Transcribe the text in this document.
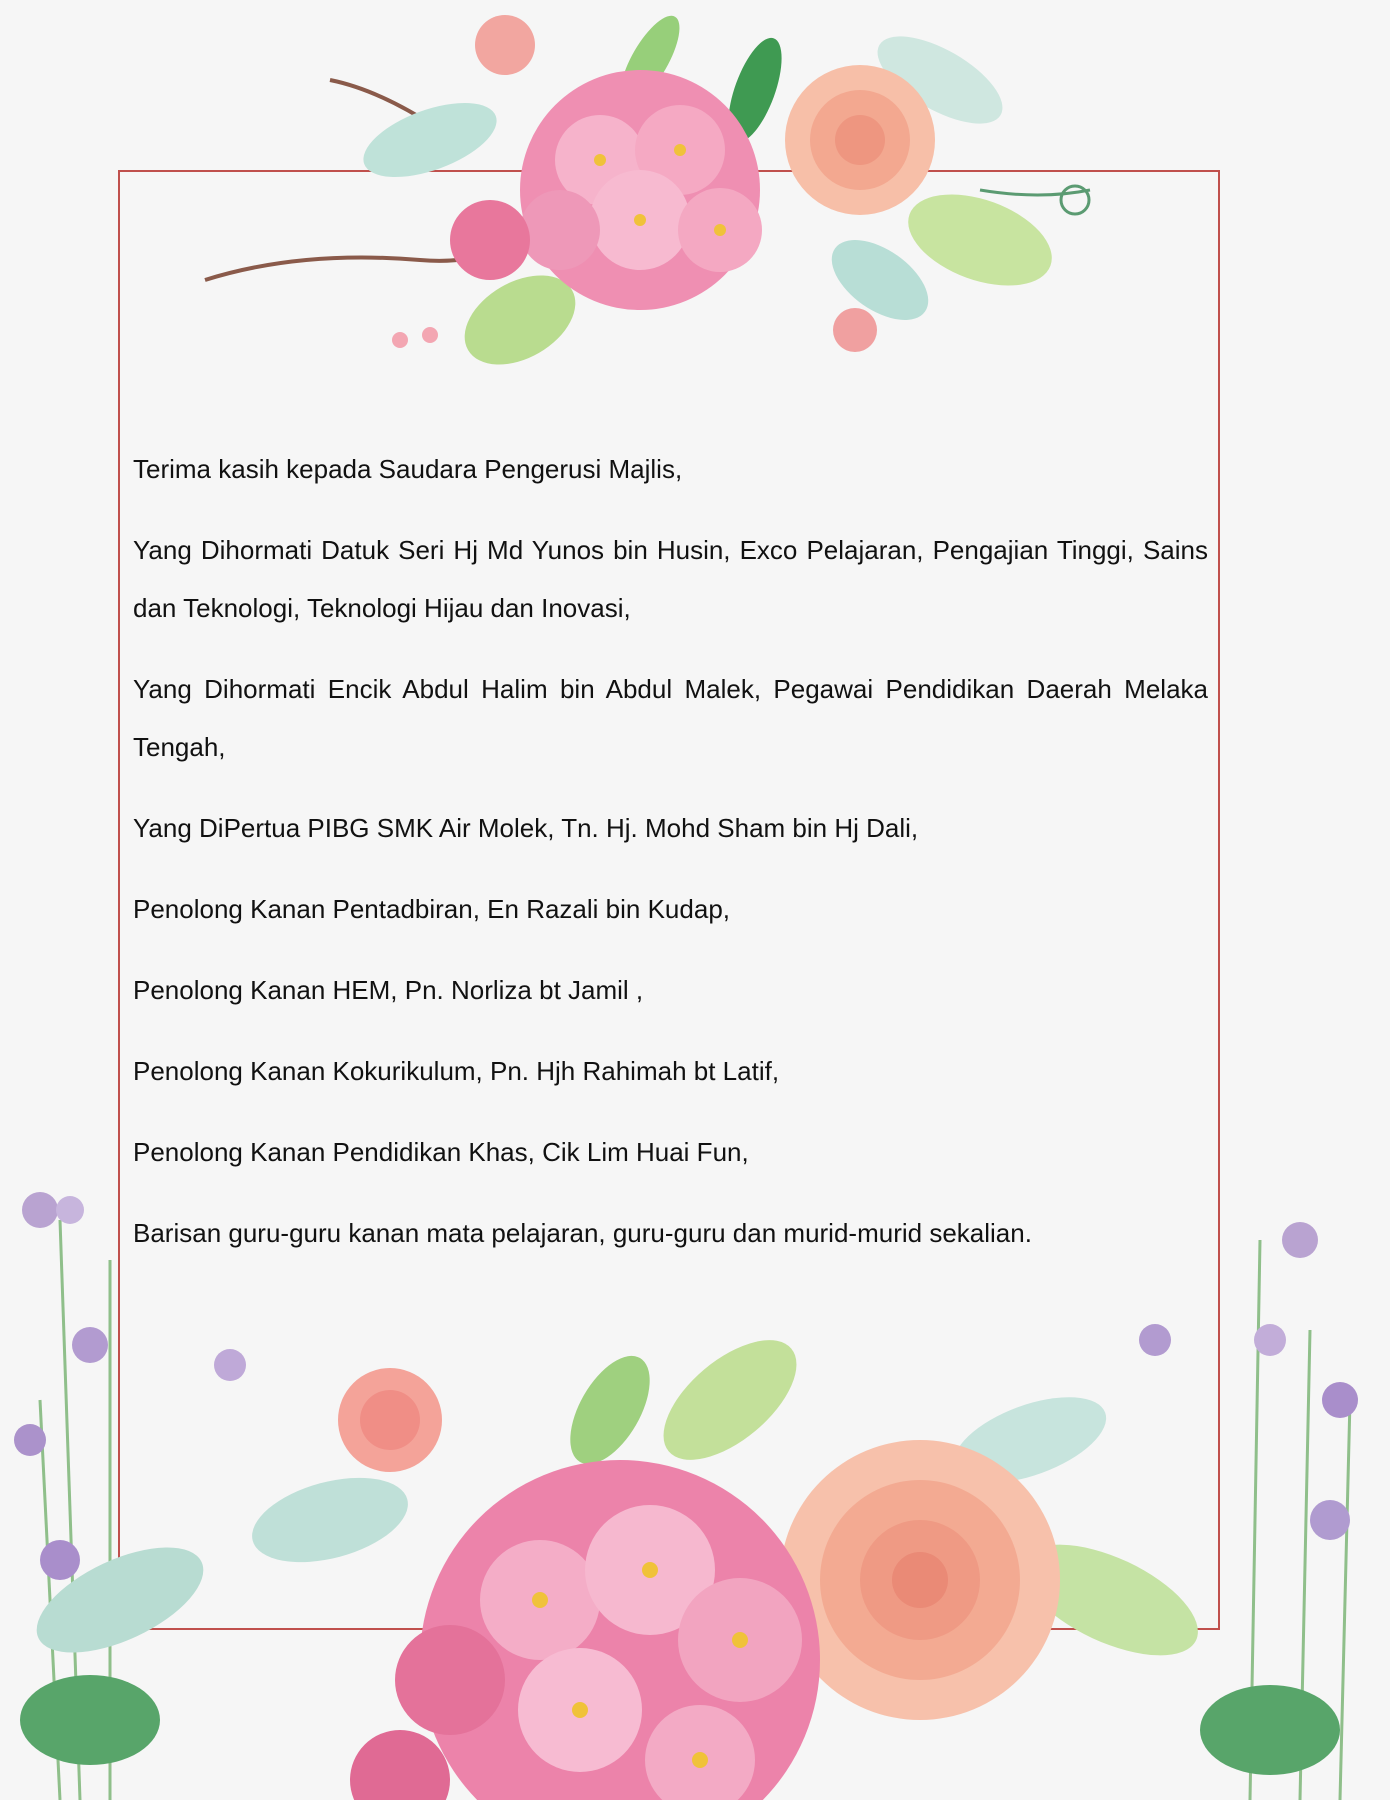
Terima kasih kepada Saudara Pengerusi Majlis,

Yang Dihormati Datuk Seri Hj Md Yunos bin Husin, Exco Pelajaran, Pengajian Tinggi, Sains dan Teknologi, Teknologi Hijau dan Inovasi,

Yang Dihormati Encik Abdul Halim bin Abdul Malek, Pegawai Pendidikan Daerah Melaka Tengah,

Yang DiPertua PIBG SMK Air Molek, Tn. Hj. Mohd Sham bin Hj Dali,

Penolong Kanan Pentadbiran, En Razali bin Kudap,

Penolong Kanan HEM, Pn. Norliza bt Jamil ,

Penolong Kanan Kokurikulum, Pn. Hjh Rahimah bt Latif,

Penolong Kanan Pendidikan Khas, Cik Lim Huai Fun,

Barisan guru-guru kanan mata pelajaran, guru-guru dan murid-murid sekalian.
